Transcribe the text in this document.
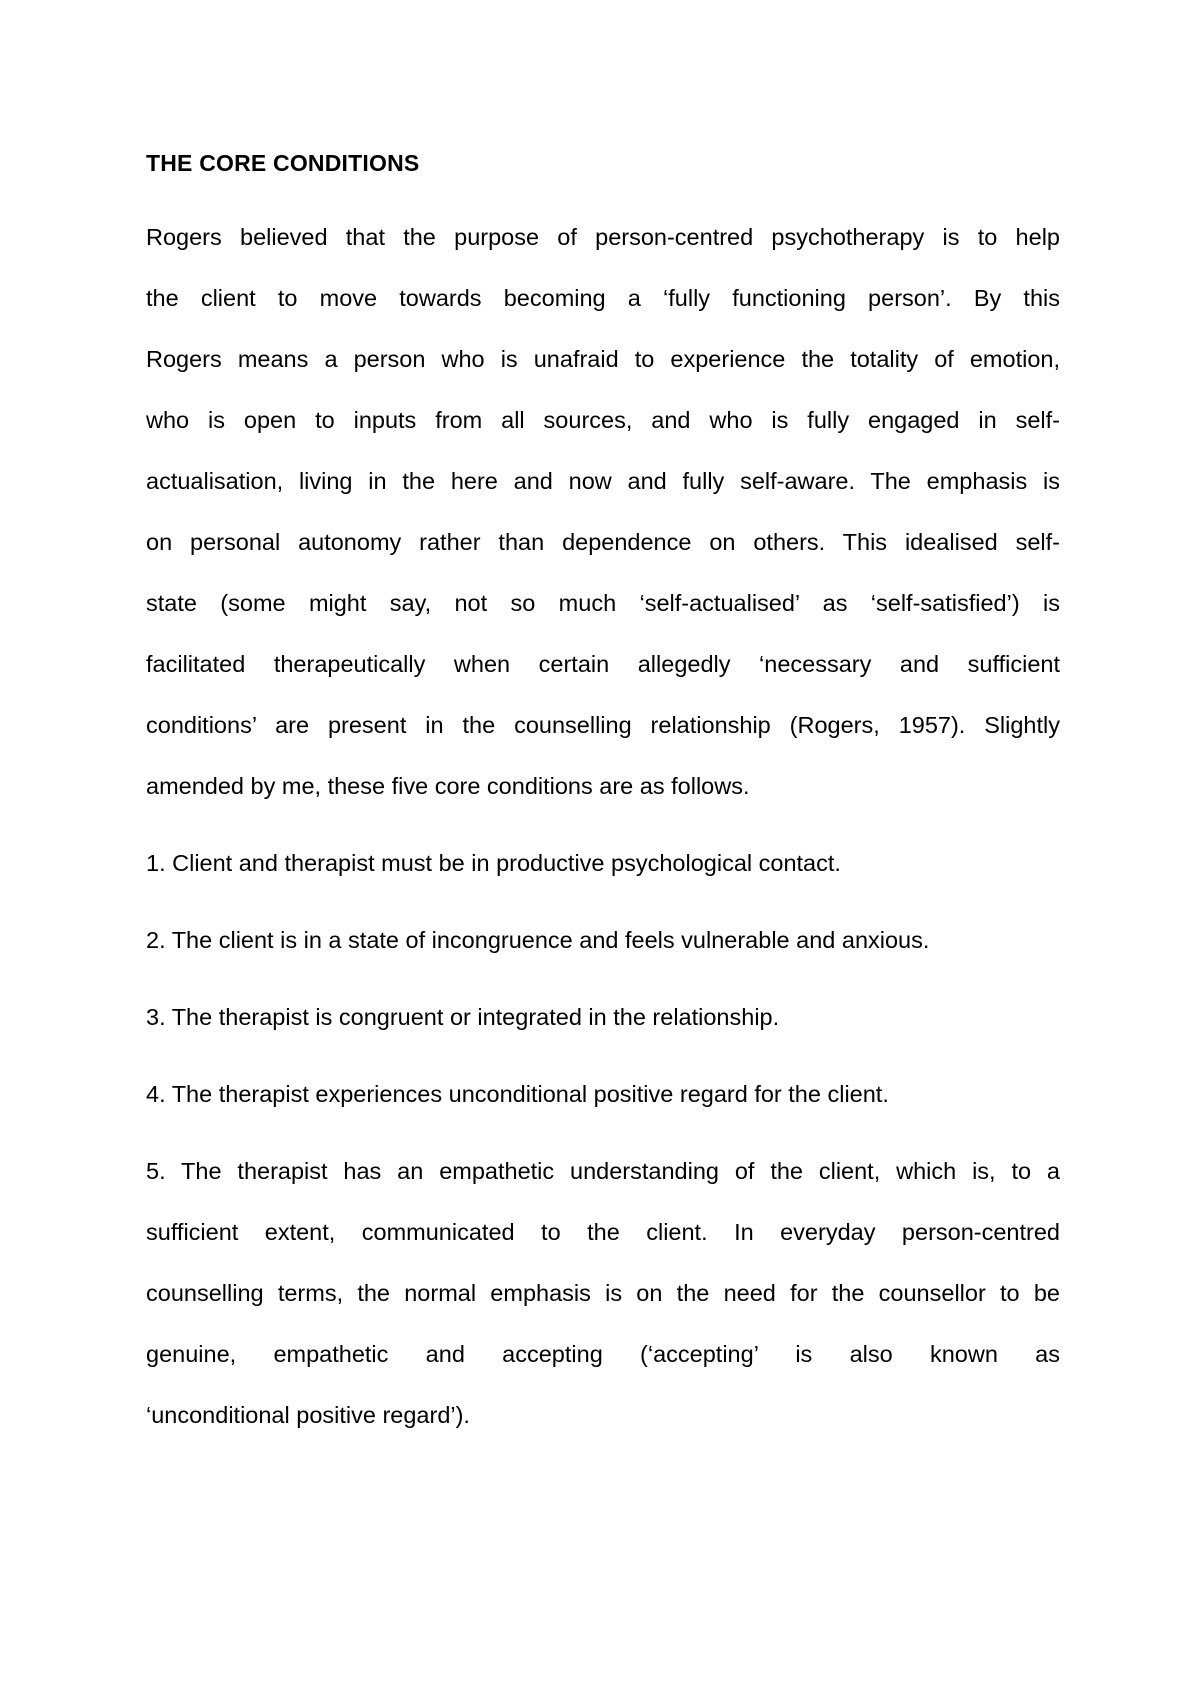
THE CORE CONDITIONS

Rogers believed that the purpose of person-centred psychotherapy is to help

the client to move towards becoming a ‘fully functioning person’. By this

Rogers means a person who is unafraid to experience the totality of emotion,

who is open to inputs from all sources, and who is fully engaged in self-

actualisation, living in the here and now and fully self-aware. The emphasis is

on personal autonomy rather than dependence on others. This idealised self-

state (some might say, not so much ‘self-actualised’ as ‘self-satisfied’) is

facilitated therapeutically when certain allegedly ‘necessary and sufficient

conditions’ are present in the counselling relationship (Rogers, 1957). Slightly

amended by me, these five core conditions are as follows.

1. Client and therapist must be in productive psychological contact.

2. The client is in a state of incongruence and feels vulnerable and anxious.

3. The therapist is congruent or integrated in the relationship.

4. The therapist experiences unconditional positive regard for the client.

5. The therapist has an empathetic understanding of the client, which is, to a

sufficient extent, communicated to the client. In everyday person-centred

counselling terms, the normal emphasis is on the need for the counsellor to be

genuine, empathetic and accepting (‘accepting’ is also known as

‘unconditional positive regard’).
